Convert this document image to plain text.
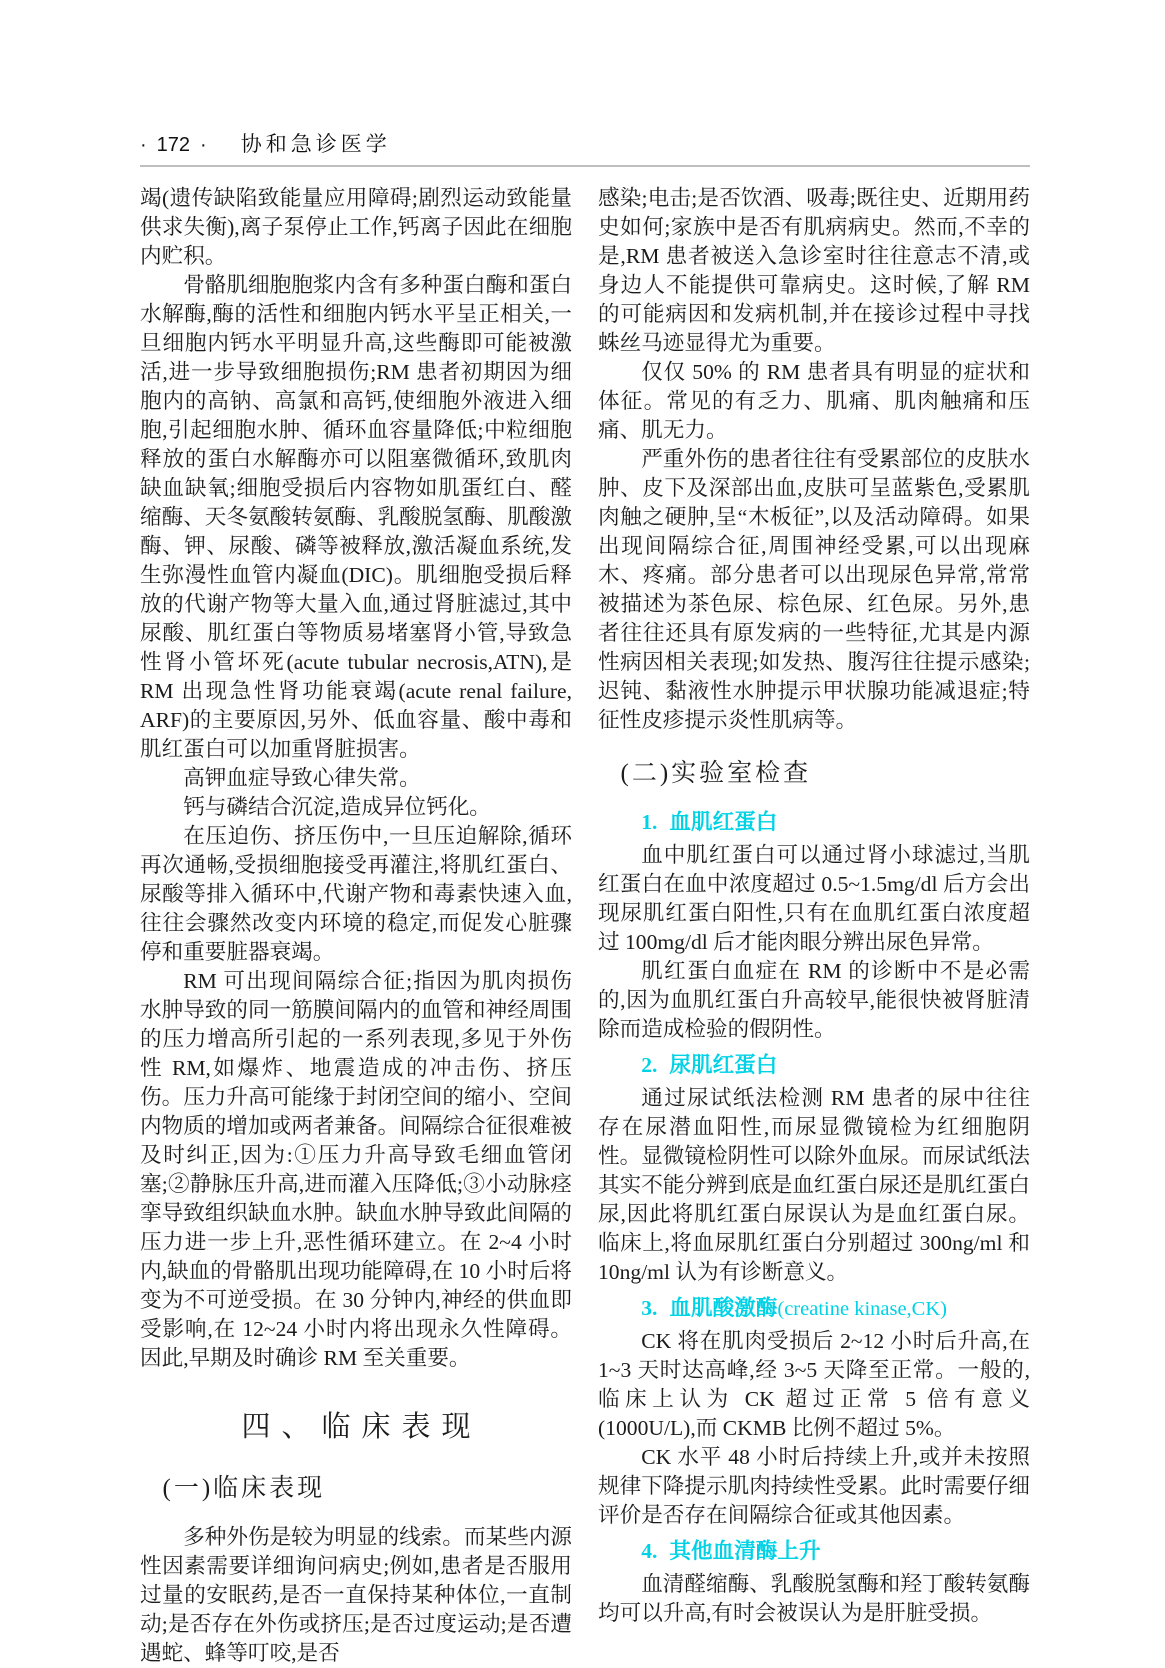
· 172 · 协和急诊医学

竭(遗传缺陷致能量应用障碍;剧烈运动致能量供求失衡),离子泵停止工作,钙离子因此在细胞内贮积。

骨骼肌细胞胞浆内含有多种蛋白酶和蛋白水解酶,酶的活性和细胞内钙水平呈正相关,一旦细胞内钙水平明显升高,这些酶即可能被激活,进一步导致细胞损伤;RM 患者初期因为细胞内的高钠、高氯和高钙,使细胞外液进入细胞,引起细胞水肿、循环血容量降低;中粒细胞释放的蛋白水解酶亦可以阻塞微循环,致肌肉缺血缺氧;细胞受损后内容物如肌蛋红白、醛缩酶、天冬氨酸转氨酶、乳酸脱氢酶、肌酸激酶、钾、尿酸、磷等被释放,激活凝血系统,发生弥漫性血管内凝血(DIC)。肌细胞受损后释放的代谢产物等大量入血,通过肾脏滤过,其中尿酸、肌红蛋白等物质易堵塞肾小管,导致急性肾小管坏死(acute tubular necrosis,ATN),是 RM 出现急性肾功能衰竭(acute renal failure, ARF)的主要原因,另外、低血容量、酸中毒和肌红蛋白可以加重肾脏损害。

高钾血症导致心律失常。

钙与磷结合沉淀,造成异位钙化。

在压迫伤、挤压伤中,一旦压迫解除,循环再次通畅,受损细胞接受再灌注,将肌红蛋白、尿酸等排入循环中,代谢产物和毒素快速入血,往往会骤然改变内环境的稳定,而促发心脏骤停和重要脏器衰竭。

RM 可出现间隔综合征;指因为肌肉损伤水肿导致的同一筋膜间隔内的血管和神经周围的压力增高所引起的一系列表现,多见于外伤性 RM,如爆炸、地震造成的冲击伤、挤压伤。压力升高可能缘于封闭空间的缩小、空间内物质的增加或两者兼备。间隔综合征很难被及时纠正,因为:①压力升高导致毛细血管闭塞;②静脉压升高,进而灌入压降低;③小动脉痉挛导致组织缺血水肿。缺血水肿导致此间隔的压力进一步上升,恶性循环建立。在 2~4 小时内,缺血的骨骼肌出现功能障碍,在 10 小时后将变为不可逆受损。在 30 分钟内,神经的供血即受影响,在 12~24 小时内将出现永久性障碍。因此,早期及时确诊 RM 至关重要。

四、临床表现
(一)临床表现

多种外伤是较为明显的线索。而某些内源性因素需要详细询问病史;例如,患者是否服用过量的安眠药,是否一直保持某种体位,一直制动;是否存在外伤或挤压;是否过度运动;是否遭遇蛇、蜂等叮咬,是否

感染;电击;是否饮酒、吸毒;既往史、近期用药史如何;家族中是否有肌病病史。然而,不幸的是,RM 患者被送入急诊室时往往意志不清,或身边人不能提供可靠病史。这时候,了解 RM 的可能病因和发病机制,并在接诊过程中寻找蛛丝马迹显得尤为重要。

仅仅 50% 的 RM 患者具有明显的症状和体征。常见的有乏力、肌痛、肌肉触痛和压痛、肌无力。

严重外伤的患者往往有受累部位的皮肤水肿、皮下及深部出血,皮肤可呈蓝紫色,受累肌肉触之硬肿,呈“木板征”,以及活动障碍。如果出现间隔综合征,周围神经受累,可以出现麻木、疼痛。部分患者可以出现尿色异常,常常被描述为茶色尿、棕色尿、红色尿。另外,患者往往还具有原发病的一些特征,尤其是内源性病因相关表现;如发热、腹泻往往提示感染;迟钝、黏液性水肿提示甲状腺功能减退症;特征性皮疹提示炎性肌病等。

(二)实验室检查
1. 血肌红蛋白

血中肌红蛋白可以通过肾小球滤过,当肌红蛋白在血中浓度超过 0.5~1.5mg/dl 后方会出现尿肌红蛋白阳性,只有在血肌红蛋白浓度超过 100mg/dl 后才能肉眼分辨出尿色异常。

肌红蛋白血症在 RM 的诊断中不是必需的,因为血肌红蛋白升高较早,能很快被肾脏清除而造成检验的假阴性。

2. 尿肌红蛋白

通过尿试纸法检测 RM 患者的尿中往往存在尿潜血阳性,而尿显微镜检为红细胞阴性。显微镜检阴性可以除外血尿。而尿试纸法其实不能分辨到底是血红蛋白尿还是肌红蛋白尿,因此将肌红蛋白尿误认为是血红蛋白尿。临床上,将血尿肌红蛋白分别超过 300ng/ml 和 10ng/ml 认为有诊断意义。

3. 血肌酸激酶(creatine kinase,CK)

CK 将在肌肉受损后 2~12 小时后升高,在 1~3 天时达高峰,经 3~5 天降至正常。一般的,临床上认为 CK 超过正常 5 倍有意义(1000U/L),而 CKMB 比例不超过 5%。

CK 水平 48 小时后持续上升,或并未按照规律下降提示肌肉持续性受累。此时需要仔细评价是否存在间隔综合征或其他因素。

4. 其他血清酶上升

血清醛缩酶、乳酸脱氢酶和羟丁酸转氨酶均可以升高,有时会被误认为是肝脏受损。
